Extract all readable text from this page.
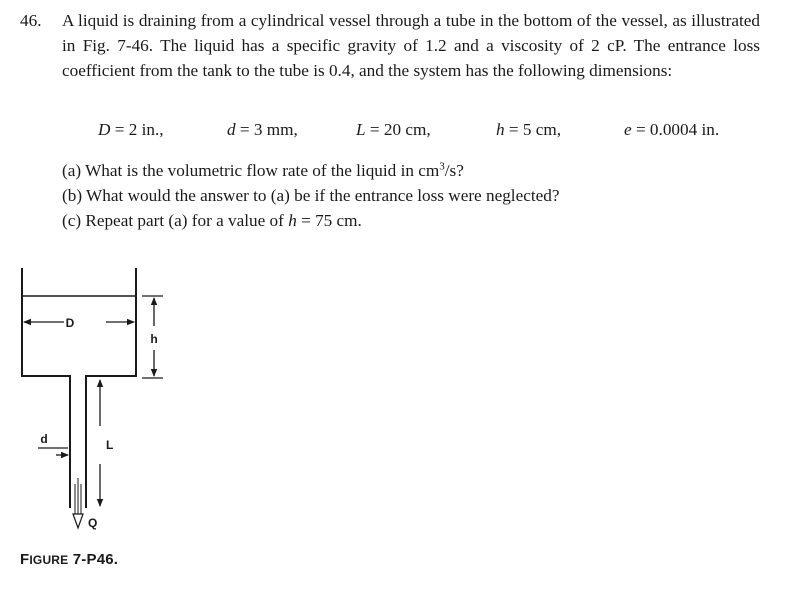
46. A liquid is draining from a cylindrical vessel through a tube in the bottom of the vessel, as illustrated in Fig. 7-46. The liquid has a specific gravity of 1.2 and a viscosity of 2 cP. The entrance loss coefficient from the tank to the tube is 0.4, and the system has the following dimensions:
D = 2 in.,	d = 3 mm,	L = 20 cm,	h = 5 cm,	e = 0.0004 in.
(a) What is the volumetric flow rate of the liquid in $cm^3/s$?
(b) What would the answer to (a) be if the entrance loss were neglected?
(c) Repeat part (a) for a value of h = 75 cm.
D
h
d	L
Q
FIGURE 7-P46.
